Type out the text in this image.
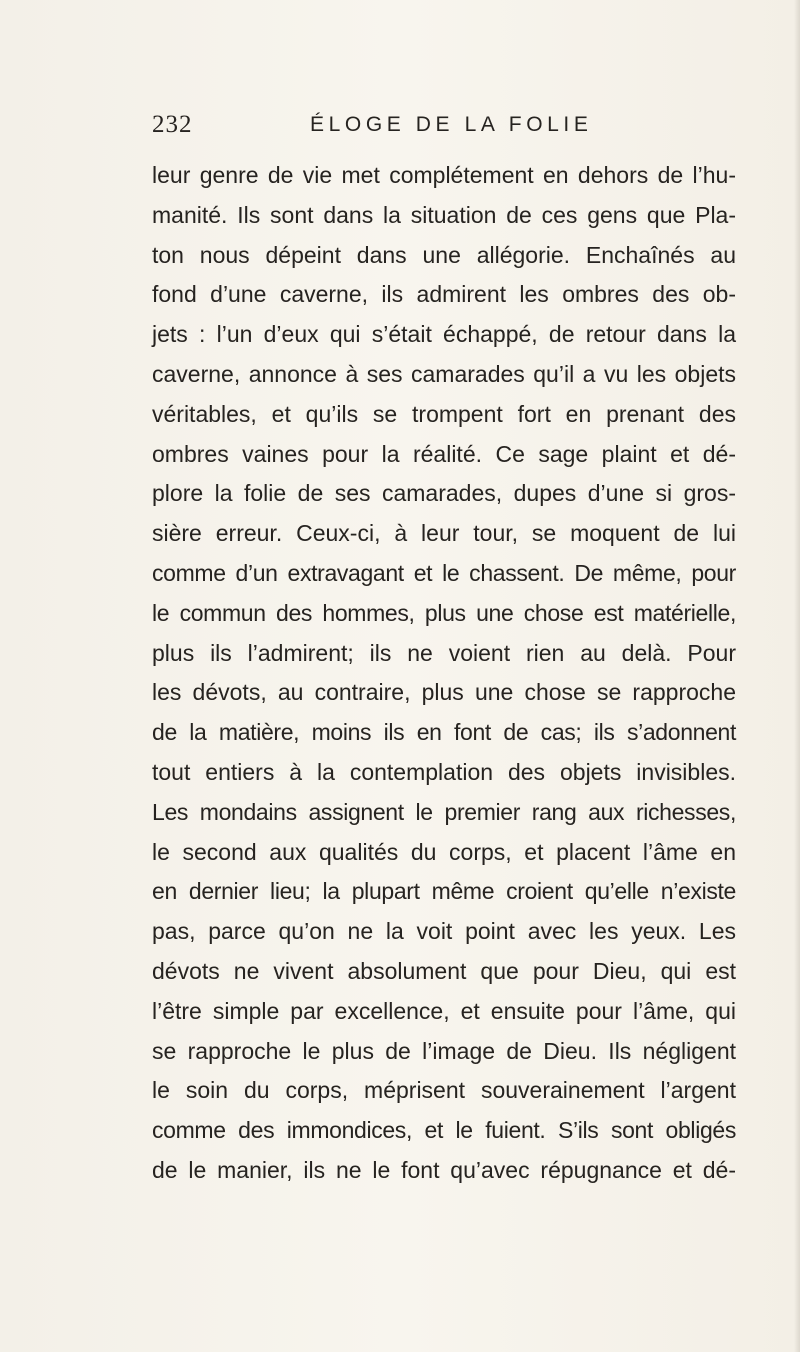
232	ÉLOGE DE LA FOLIE
leur genre de vie met complétement en dehors de l’hu-
manité. Ils sont dans la situation de ces gens que Pla-
ton nous dépeint dans une allégorie. Enchaînés au
fond d’une caverne, ils admirent les ombres des ob-
jets : l’un d’eux qui s’était échappé, de retour dans la
caverne, annonce à ses camarades qu’il a vu les objets
véritables, et qu’ils se trompent fort en prenant des
ombres vaines pour la réalité. Ce sage plaint et dé-
plore la folie de ses camarades, dupes d’une si gros-
sière erreur. Ceux-ci, à leur tour, se moquent de lui
comme d’un extravagant et le chassent. De même, pour
le commun des hommes, plus une chose est matérielle,
plus ils l’admirent; ils ne voient rien au delà. Pour
les dévots, au contraire, plus une chose se rapproche
de la matière, moins ils en font de cas; ils s’adonnent
tout entiers à la contemplation des objets invisibles.
Les mondains assignent le premier rang aux richesses,
le second aux qualités du corps, et placent l’âme en
en dernier lieu; la plupart même croient qu’elle n’existe
pas, parce qu’on ne la voit point avec les yeux. Les
dévots ne vivent absolument que pour Dieu, qui est
l’être simple par excellence, et ensuite pour l’âme, qui
se rapproche le plus de l’image de Dieu. Ils négligent
le soin du corps, méprisent souverainement l’argent
comme des immondices, et le fuient. S’ils sont obligés
de le manier, ils ne le font qu’avec répugnance et dé-
